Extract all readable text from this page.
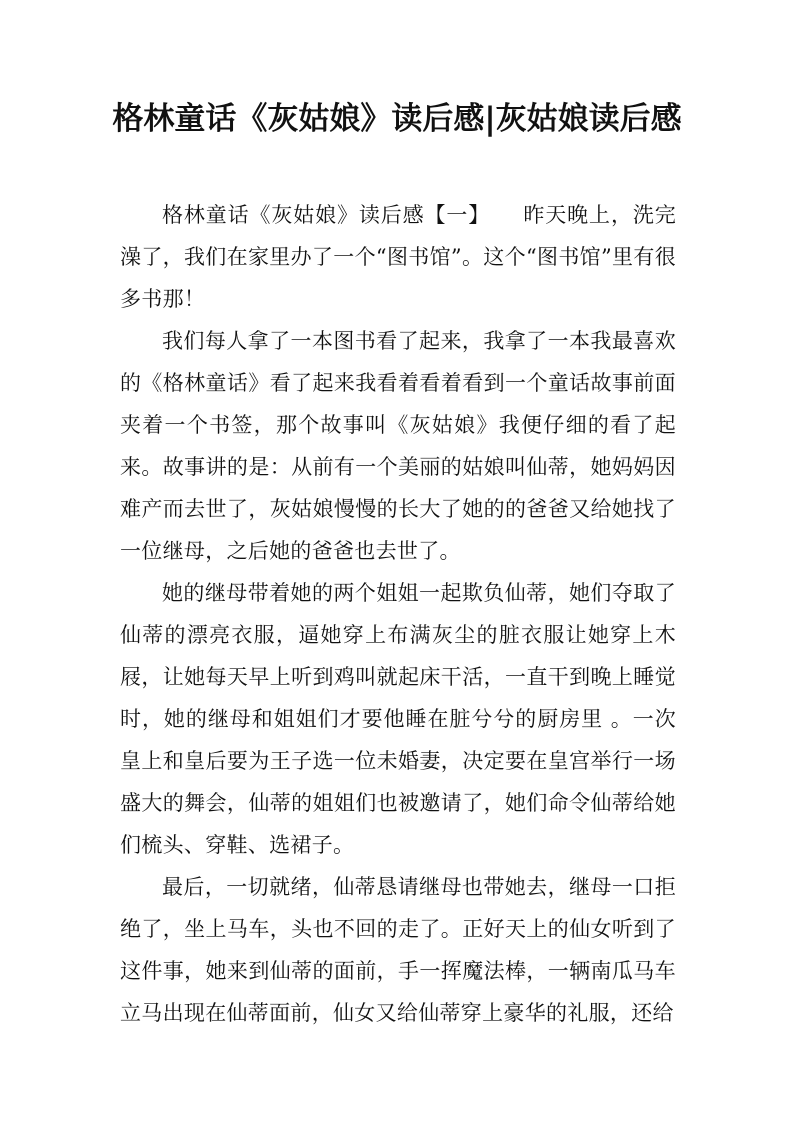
格林童话《灰姑娘》读后感|灰姑娘读后感

格林童话《灰姑娘》读后感【一】　　昨天晚上，洗完澡了，我们在家里办了一个“图书馆”。这个“图书馆”里有很多书那！

我们每人拿了一本图书看了起来，我拿了一本我最喜欢的《格林童话》看了起来我看着看着看到一个童话故事前面夹着一个书签，那个故事叫《灰姑娘》我便仔细的看了起来。故事讲的是：从前有一个美丽的姑娘叫仙蒂，她妈妈因难产而去世了，灰姑娘慢慢的长大了她的的爸爸又给她找了一位继母，之后她的爸爸也去世了。

她的继母带着她的两个姐姐一起欺负仙蒂，她们夺取了仙蒂的漂亮衣服，逼她穿上布满灰尘的脏衣服让她穿上木屐，让她每天早上听到鸡叫就起床干活，一直干到晚上睡觉时，她的继母和姐姐们才要他睡在脏兮兮的厨房里 。一次皇上和皇后要为王子选一位未婚妻，决定要在皇宫举行一场盛大的舞会，仙蒂的姐姐们也被邀请了，她们命令仙蒂给她们梳头、穿鞋、选裙子。

最后，一切就绪，仙蒂恳请继母也带她去，继母一口拒绝了，坐上马车，头也不回的走了。正好天上的仙女听到了这件事，她来到仙蒂的面前，手一挥魔法棒，一辆南瓜马车立马出现在仙蒂面前，仙女又给仙蒂穿上豪华的礼服，还给
